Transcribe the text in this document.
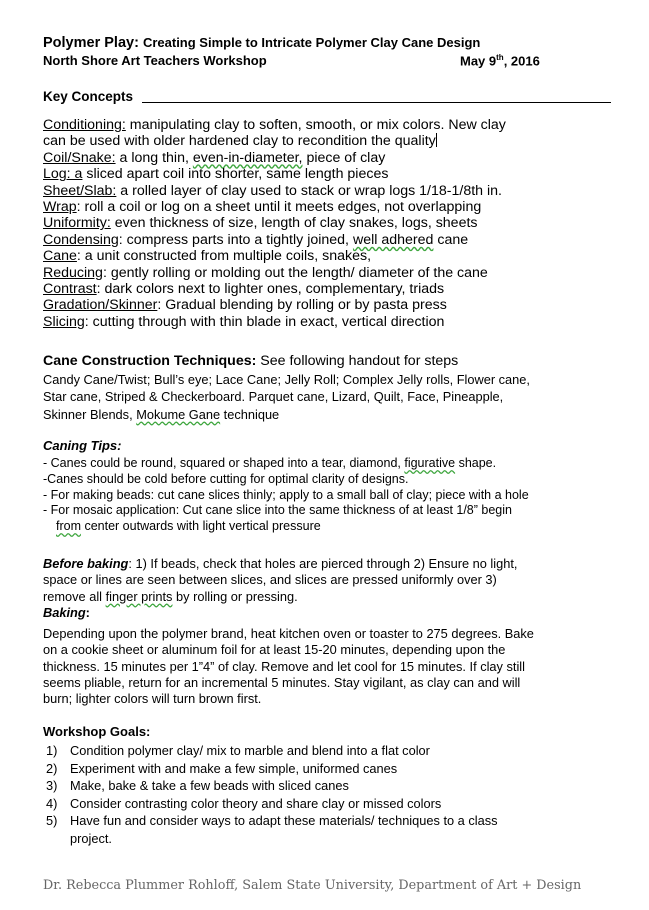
Polymer Play: Creating Simple to Intricate Polymer Clay Cane Design
North Shore Art Teachers Workshop	May 9th, 2016
Key Concepts
Conditioning: manipulating clay to soften, smooth, or mix colors. New clay
can be used with older hardened clay to recondition the quality
Coil/Snake: a long thin, even-in-diameter, piece of clay
Log: a sliced apart coil into shorter, same length pieces
Sheet/Slab: a rolled layer of clay used to stack or wrap logs 1/18-1/8th in.
Wrap: roll a coil or log on a sheet until it meets edges, not overlapping
Uniformity: even thickness of size, length of clay snakes, logs, sheets
Condensing: compress parts into a tightly joined, well adhered cane
Cane: a unit constructed from multiple coils, snakes,
Reducing: gently rolling or molding out the length/ diameter of the cane
Contrast: dark colors next to lighter ones, complementary, triads
Gradation/Skinner: Gradual blending by rolling or by pasta press
Slicing: cutting through with thin blade in exact, vertical direction
Cane Construction Techniques: See following handout for steps
Candy Cane/Twist; Bull’s eye; Lace Cane; Jelly Roll; Complex Jelly rolls, Flower cane,
Star cane, Striped & Checkerboard. Parquet cane, Lizard, Quilt, Face, Pineapple,
Skinner Blends, Mokume Gane technique
Caning Tips:
- Canes could be round, squared or shaped into a tear, diamond, figurative shape.
-Canes should be cold before cutting for optimal clarity of designs.
- For making beads: cut cane slices thinly; apply to a small ball of clay; piece with a hole
- For mosaic application: Cut cane slice into the same thickness of at least 1/8” begin
from center outwards with light vertical pressure
Before baking: 1) If beads, check that holes are pierced through 2) Ensure no light,
space or lines are seen between slices, and slices are pressed uniformly over 3)
remove all finger prints by rolling or pressing.
Baking:
Depending upon the polymer brand, heat kitchen oven or toaster to 275 degrees. Bake
on a cookie sheet or aluminum foil for at least 15-20 minutes, depending upon the
thickness. 15 minutes per 1”4” of clay. Remove and let cool for 15 minutes. If clay still
seems pliable, return for an incremental 5 minutes. Stay vigilant, as clay can and will
burn; lighter colors will turn brown first.
Workshop Goals:
1) Condition polymer clay/ mix to marble and blend into a flat color
2) Experiment with and make a few simple, uniformed canes
3) Make, bake & take a few beads with sliced canes
4) Consider contrasting color theory and share clay or missed colors
5) Have fun and consider ways to adapt these materials/ techniques to a class
project.
Dr. Rebecca Plummer Rohloff, Salem State University, Department of Art + Design
